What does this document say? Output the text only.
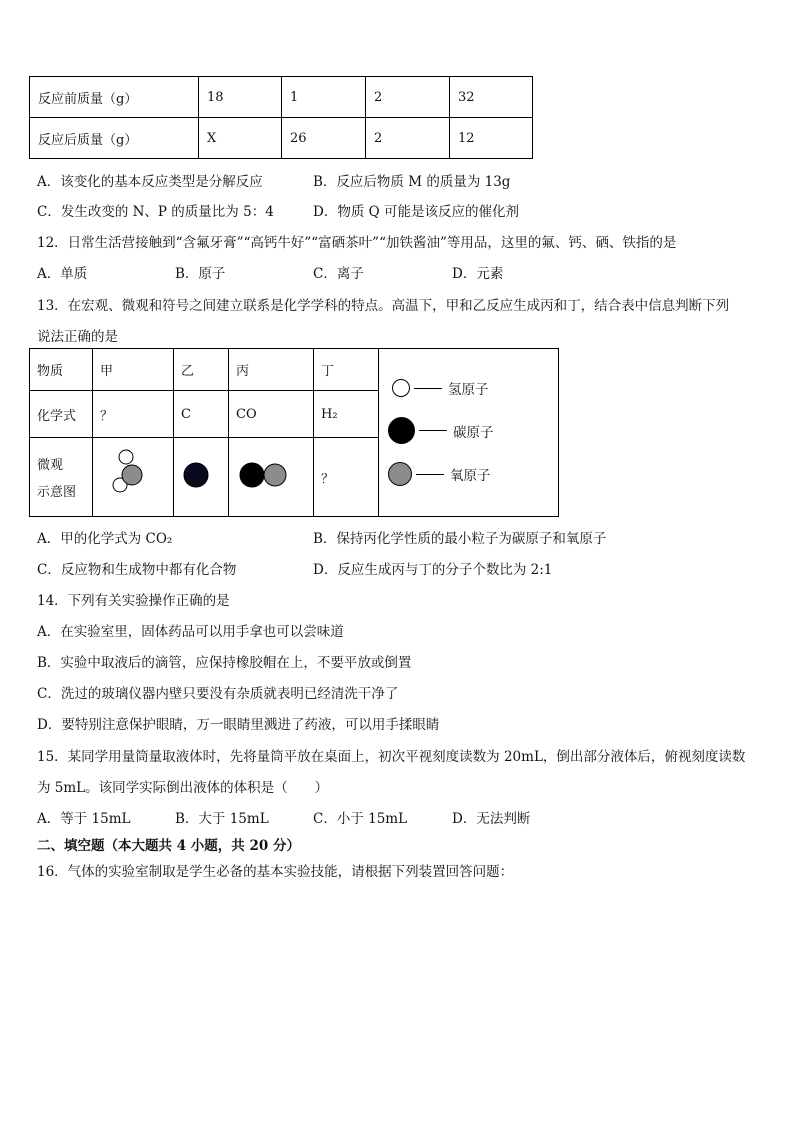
反应前质量（g）	18	1	2	32
反应后质量（g）	X	26	2	12
A．该变化的基本反应类型是分解反应	B．反应后物质 M 的质量为 13g
C．发生改变的 N、P 的质量比为 5：4	D．物质 Q 可能是该反应的催化剂
12．日常生活营接触到“含氟牙膏”“高钙牛好”“富硒茶叶”“加铁酱油”等用品，这里的氟、钙、硒、铁指的是
A．单质	B．原子	C．离子	D．元素
13．在宏观、微观和符号之间建立联系是化学学科的特点。高温下，甲和乙反应生成丙和丁，结合表中信息判断下列
说法正确的是
物质	甲	乙	丙	丁	
化学式	？	C	CO	H₂	

微观
示意图				？	
氢原子
碳原子
氧原子
A．甲的化学式为 CO₂	B．保持丙化学性质的最小粒子为碳原子和氧原子
C．反应物和生成物中都有化合物	D．反应生成丙与丁的分子个数比为 2:1
14．下列有关实验操作正确的是
A．在实验室里，固体药品可以用手拿也可以尝味道
B．实验中取液后的滴管，应保持橡胶帽在上，不要平放或倒置
C．洗过的玻璃仪器内壁只要没有杂质就表明已经清洗干净了
D．要特别注意保护眼睛，万一眼睛里溅进了药液，可以用手揉眼睛
15．某同学用量筒量取液体时，先将量筒平放在桌面上，初次平视刻度读数为 20mL，倒出部分液体后，俯视刻度读数
为 5mL。该同学实际倒出液体的体积是（　　）
A．等于 15mL	B．大于 15mL	C．小于 15mL	D．无法判断
二、填空题（本大题共 4 小题，共 20 分）
16．气体的实验室制取是学生必备的基本实验技能，请根据下列装置回答问题：
